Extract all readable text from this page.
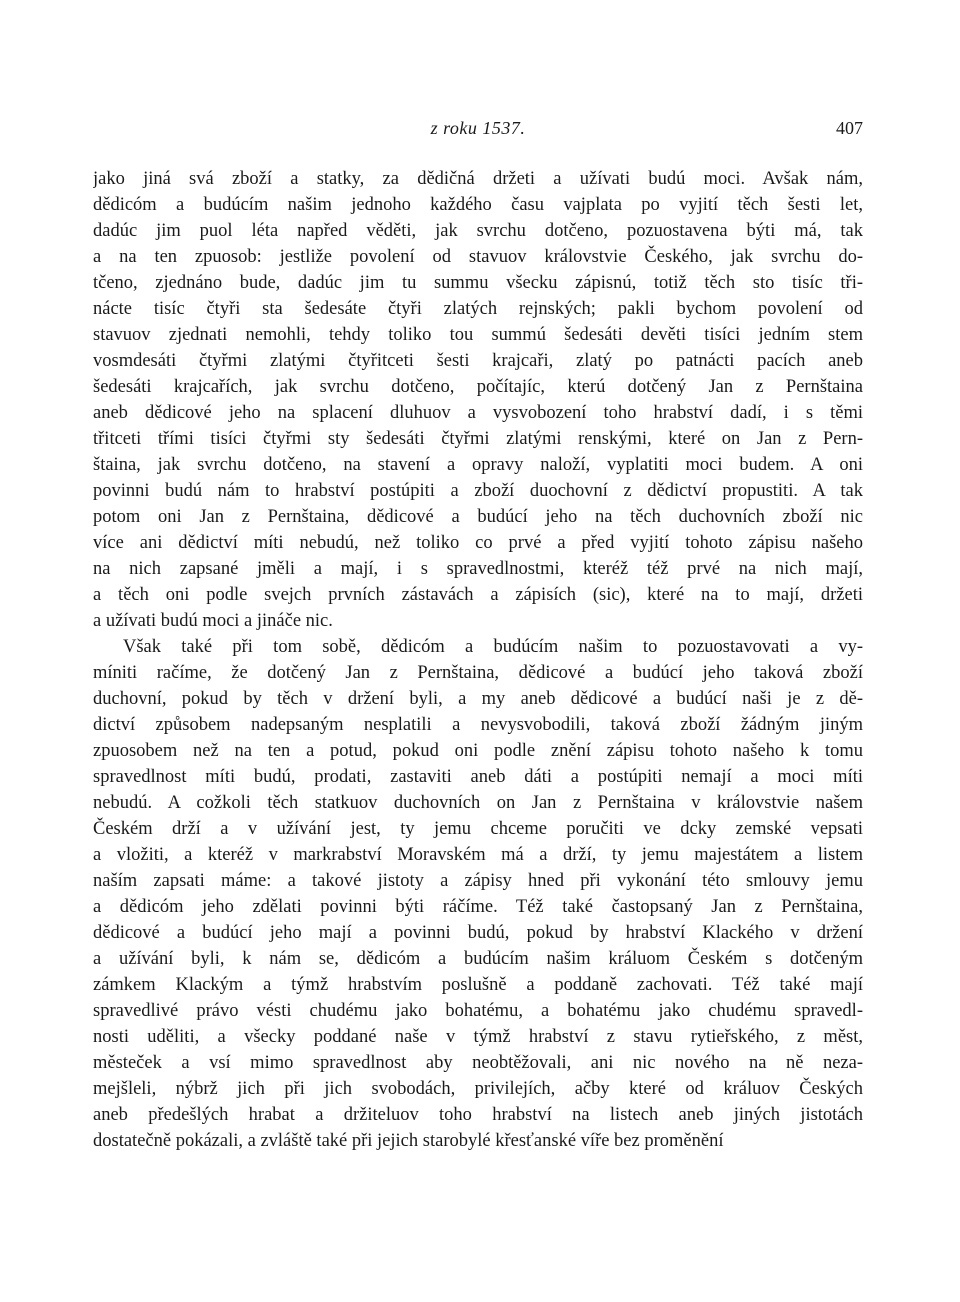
z roku 1537.	407
jako jiná svá zboží a statky, za dědičná držeti a užívati budú moci. Avšak nám,
dědicóm a budúcím našim jednoho každého času vajplata po vyjití těch šesti let,
dadúc jim puol léta napřed věděti, jak svrchu dotčeno, pozuostavena býti má, tak
a na ten zpuosob: jestliže povolení od stavuov královstvie Českého, jak svrchu do-
tčeno, zjednáno bude, dadúc jim tu summu všecku zápisnú, totiž těch sto tisíc tři-
nácte tisíc čtyři sta šedesáte čtyři zlatých rejnských; pakli bychom povolení od
stavuov zjednati nemohli, tehdy toliko tou summú šedesáti devěti tisíci jedním stem
vosmdesáti čtyřmi zlatými čtyřitceti šesti krajcaři, zlatý po patnácti pacích aneb
šedesáti krajcařích, jak svrchu dotčeno, počítajíc, kterú dotčený Jan z Pernštaina
aneb dědicové jeho na splacení dluhuov a vysvobození toho hrabství dadí, i s těmi
třitceti třími tisíci čtyřmi sty šedesáti čtyřmi zlatými renskými, které on Jan z Pern-
štaina, jak svrchu dotčeno, na stavení a opravy naloží, vyplatiti moci budem. A oni
povinni budú nám to hrabství postúpiti a zboží duochovní z dědictví propustiti. A tak
potom oni Jan z Pernštaina, dědicové a budúcí jeho na těch duchovních zboží nic
více ani dědictví míti nebudú, než toliko co prvé a před vyjití tohoto zápisu našeho
na nich zapsané jměli a mají, i s spravedlnostmi, kteréž též prvé na nich mají,
a těch oni podle svejch prvních zástavách a zápisích (sic), které na to mají, držeti
a užívati budú moci a jináče nic.
Však také při tom sobě, dědicóm a budúcím našim to pozuostavovati a vy-
míniti račíme, že dotčený Jan z Pernštaina, dědicové a budúcí jeho taková zboží
duchovní, pokud by těch v držení byli, a my aneb dědicové a budúcí naši je z dě-
dictví způsobem nadepsaným nesplatili a nevysvobodili, taková zboží žádným jiným
zpuosobem než na ten a potud, pokud oni podle znění zápisu tohoto našeho k tomu
spravedlnost míti budú, prodati, zastaviti aneb dáti a postúpiti nemají a moci míti
nebudú. A cožkoli těch statkuov duchovních on Jan z Pernštaina v královstvie našem
Českém drží a v užívání jest, ty jemu chceme poručiti ve dcky zemské vepsati
a vložiti, a kteréž v markrabství Moravském má a drží, ty jemu majestátem a listem
naším zapsati máme: a takové jistoty a zápisy hned při vykonání této smlouvy jemu
a dědicóm jeho zdělati povinni býti ráčíme. Též také častopsaný Jan z Pernštaina,
dědicové a budúcí jeho mají a povinni budú, pokud by hrabství Klackého v držení
a užívání byli, k nám se, dědicóm a budúcím našim králuom Českém s dotčeným
zámkem Klackým a týmž hrabstvím poslušně a poddaně zachovati. Též také mají
spravedlivé právo vésti chudému jako bohatému, a bohatému jako chudému spravedl-
nosti uděliti, a všecky poddané naše v týmž hrabství z stavu rytieřského, z měst,
městeček a vsí mimo spravedlnost aby neobtěžovali, ani nic nového na ně neza-
mejšleli, nýbrž jich při jich svobodách, privilejích, ačby které od králuov Českých
aneb předešlých hrabat a držiteluov toho hrabství na listech aneb jiných jistotách
dostatečně pokázali, a zvláště také při jejich starobylé křesťanské víře bez proměnění
